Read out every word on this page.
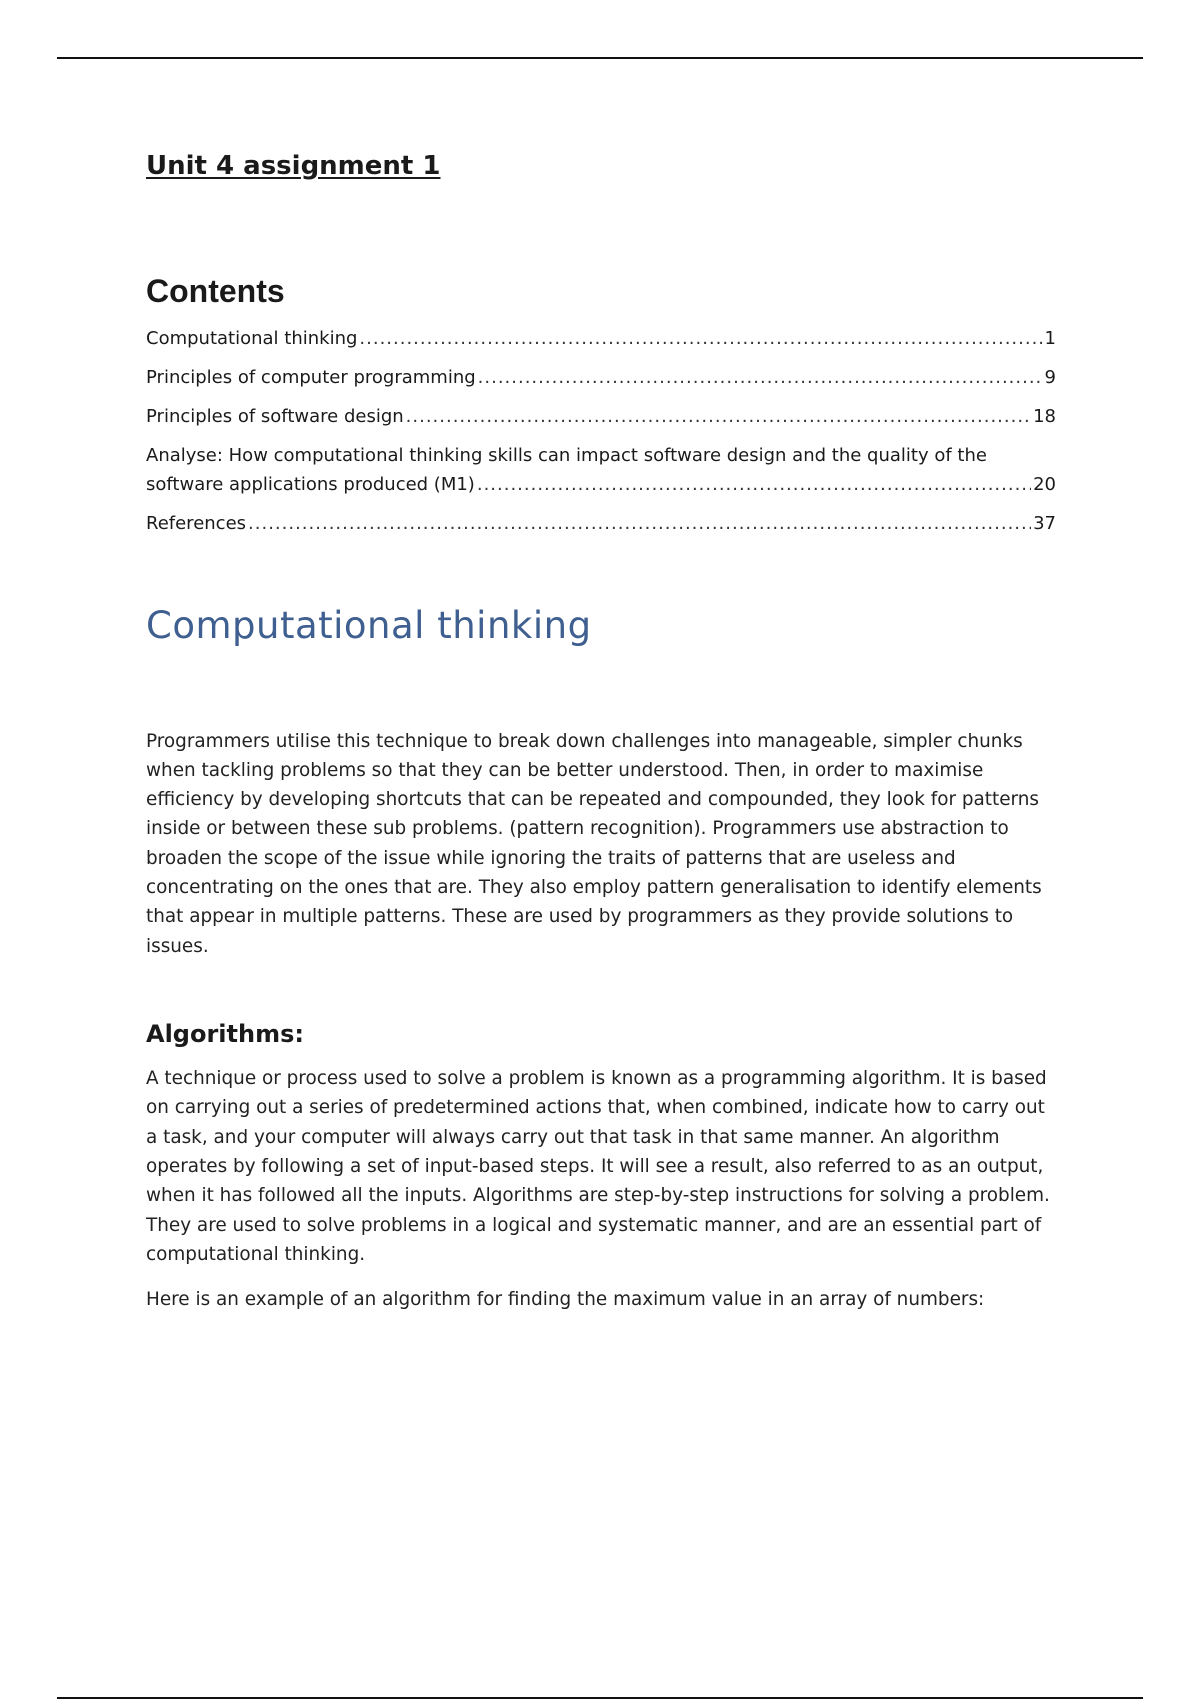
Unit 4 assignment 1
Contents
Computational thinking .....	1
Principles of computer programming .....	9
Principles of software design .....	18
Analyse: How computational thinking skills can impact software design and the quality of the
software applications produced (M1) .....	20
References .....	37
Computational thinking

Programmers utilise this technique to break down challenges into manageable, simpler chunks when tackling problems so that they can be better understood. Then, in order to maximise efficiency by developing shortcuts that can be repeated and compounded, they look for patterns inside or between these sub problems. (pattern recognition). Programmers use abstraction to broaden the scope of the issue while ignoring the traits of patterns that are useless and concentrating on the ones that are. They also employ pattern generalisation to identify elements that appear in multiple patterns. These are used by programmers as they provide solutions to issues.

Algorithms:

A technique or process used to solve a problem is known as a programming algorithm. It is based on carrying out a series of predetermined actions that, when combined, indicate how to carry out a task, and your computer will always carry out that task in that same manner. An algorithm operates by following a set of input-based steps. It will see a result, also referred to as an output, when it has followed all the inputs. Algorithms are step-by-step instructions for solving a problem. They are used to solve problems in a logical and systematic manner, and are an essential part of computational thinking.

Here is an example of an algorithm for finding the maximum value in an array of numbers:
